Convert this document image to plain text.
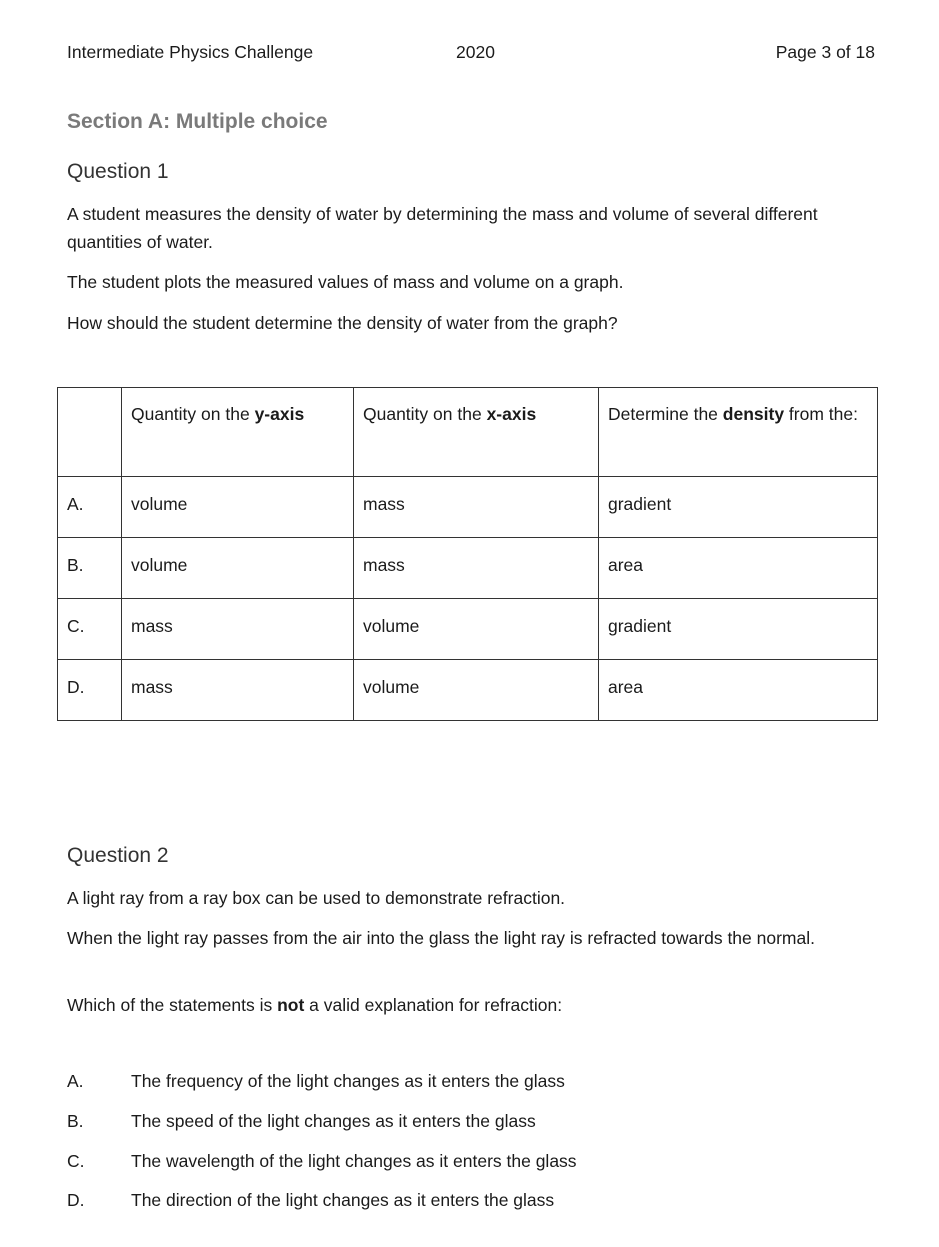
Intermediate Physics Challenge	2020	Page 3 of 18
Section A: Multiple choice
Question 1
A student measures the density of water by determining the mass and volume of several different quantities of water.
The student plots the measured values of mass and volume on a graph.
How should the student determine the density of water from the graph?
	Quantity on the y-axis	Quantity on the x-axis	Determine the density from the:
A.	volume	mass	gradient
B.	volume	mass	area
C.	mass	volume	gradient
D.	mass	volume	area
Question 2
A light ray from a ray box can be used to demonstrate refraction.
When the light ray passes from the air into the glass the light ray is refracted towards the normal.
Which of the statements is not a valid explanation for refraction:
A.	The frequency of the light changes as it enters the glass
B.	The speed of the light changes as it enters the glass
C.	The wavelength of the light changes as it enters the glass
D.	The direction of the light changes as it enters the glass
